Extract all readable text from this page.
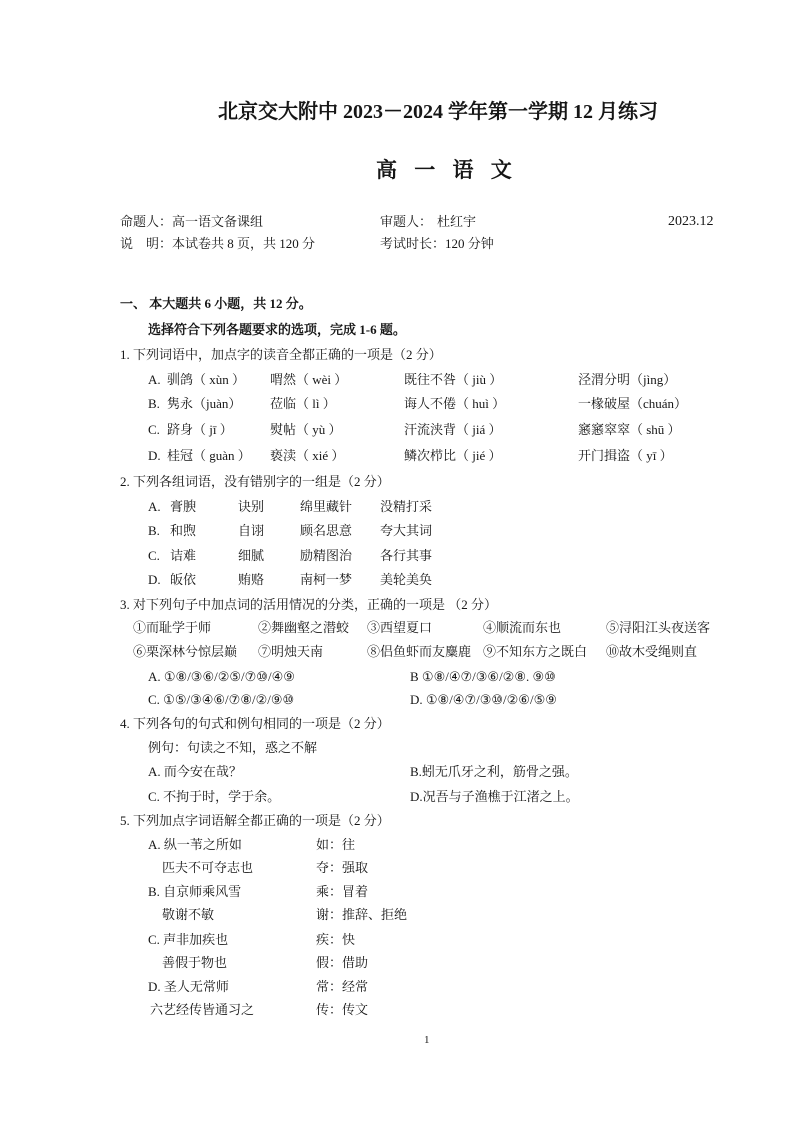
北京交大附中 2023－2024 学年第一学期 12 月练习
高 一 语 文
命题人：高一语文备课组	审题人： 杜红宇	2023.12
说　明：本试卷共 8 页，共 120 分	考试时长：120 分钟
一、 本大题共 6 小题，共 12 分。
选择符合下列各题要求的选项，完成 1-6 题。
1. 下列词语中，加点字的读音全都正确的一项是（2 分）
A. 驯鸽（ xùn ） 喟然（ wèi ）	既往不咎（ jiù ）	泾渭分明（jìng）
B. 隽永（juàn） 莅临（ lì ）	诲人不倦（ huì ）	一椽破屋（chuán）
C. 跻身（ jī ）	熨帖（ yù ）	汗流浃背（ jiá ）	窸窸窣窣（ shū ）
D. 桂冠（ guàn ） 亵渎（ xié ）	鳞次栉比（ jié ）	开门揖盗（ yī ）
2. 下列各组词语，没有错别字的一组是（2 分）
A. 膏腴	诀别	绵里藏针 没精打采
B. 和煦	自诩	顾名思意 夸大其词
C. 诘难	细腻	励精图治 各行其事
D. 皈依	贿赂	南柯一梦 美轮美奂
3. 对下列句子中加点词的活用情况的分类，正确的一项是 （2 分）
①而耻学于师	②舞幽壑之潜蛟 ③西望夏口	④顺流而东也	⑤浔阳江头夜送客
⑥栗深林兮惊层巅 ⑦明烛天南	⑧侣鱼虾而友麋鹿 ⑨不知东方之既白 ⑩故木受绳则直
A. ①⑧/③⑥/②⑤/⑦⑩/④⑨	B ①⑧/④⑦/③⑥/②⑧. ⑨⑩
C. ①⑤/③④⑥/⑦⑧/②/⑨⑩	D. ①⑧/④⑦/③⑩/②⑥/⑤⑨
4. 下列各句的句式和例句相同的一项是（2 分）
例句：句读之不知，惑之不解
A. 而今安在哉？	B.蚓无爪牙之利，筋骨之强。
C. 不拘于时，学于余。	D.况吾与子渔樵于江渚之上。
5. 下列加点字词语解全都正确的一项是（2 分）
A. 纵一苇之所如	如：往
匹夫不可夺志也	夺：强取
B. 自京师乘风雪	乘：冒着
敬谢不敏	谢：推辞、拒绝
C. 声非加疾也	疾：快
善假于物也	假：借助
D. 圣人无常师	常：经常
六艺经传皆通习之	传：传文
1
